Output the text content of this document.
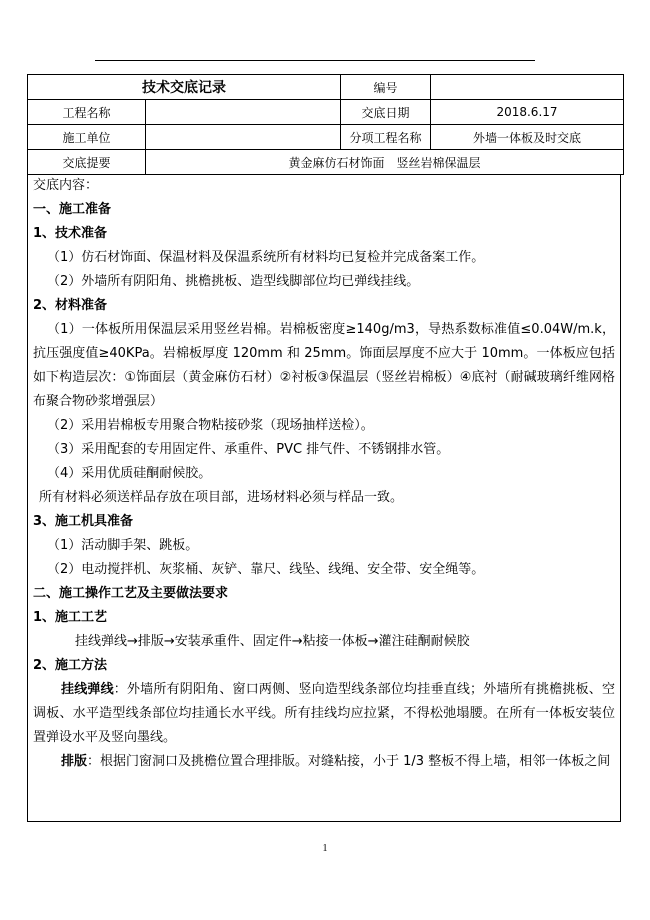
技术交底记录		编号	
工程名称		交底日期	2018.6.17
施工单位		分项工程名称	外墙一体板及时交底
交底提要	黄金麻仿石材饰面　竖丝岩棉保温层		
交底内容：
一、施工准备
1、技术准备
（1）仿石材饰面、保温材料及保温系统所有材料均已复检并完成备案工作。
（2）外墙所有阴阳角、挑檐挑板、造型线脚部位均已弹线挂线。
2、材料准备
（1）一体板所用保温层采用竖丝岩棉。岩棉板密度≥140g/m3，导热系数标准值≤0.04W/m.k，抗压强度值≥40KPa。岩棉板厚度 120mm 和 25mm。饰面层厚度不应大于 10mm。一体板应包括如下构造层次：①饰面层（黄金麻仿石材）②衬板③保温层（竖丝岩棉板）④底衬（耐碱玻璃纤维网格布聚合物砂浆增强层）
（2）采用岩棉板专用聚合物粘接砂浆（现场抽样送检）。
（3）采用配套的专用固定件、承重件、PVC 排气件、不锈钢排水管。
（4）采用优质硅酮耐候胶。
所有材料必须送样品存放在项目部，进场材料必须与样品一致。
3、施工机具准备
（1）活动脚手架、跳板。
（2）电动搅拌机、灰浆桶、灰铲、靠尺、线坠、线绳、安全带、安全绳等。
二、施工操作工艺及主要做法要求
1、施工工艺
挂线弹线→排版→安装承重件、固定件→粘接一体板→灌注硅酮耐候胶
2、施工方法
挂线弹线：外墙所有阴阳角、窗口两侧、竖向造型线条部位均挂垂直线；外墙所有挑檐挑板、空调板、水平造型线条部位均挂通长水平线。所有挂线均应拉紧，不得松弛塌腰。在所有一体板安装位置弹设水平及竖向墨线。
排版：根据门窗洞口及挑檐位置合理排版。对缝粘接，小于 1/3 整板不得上墙，相邻一体板之间
1
